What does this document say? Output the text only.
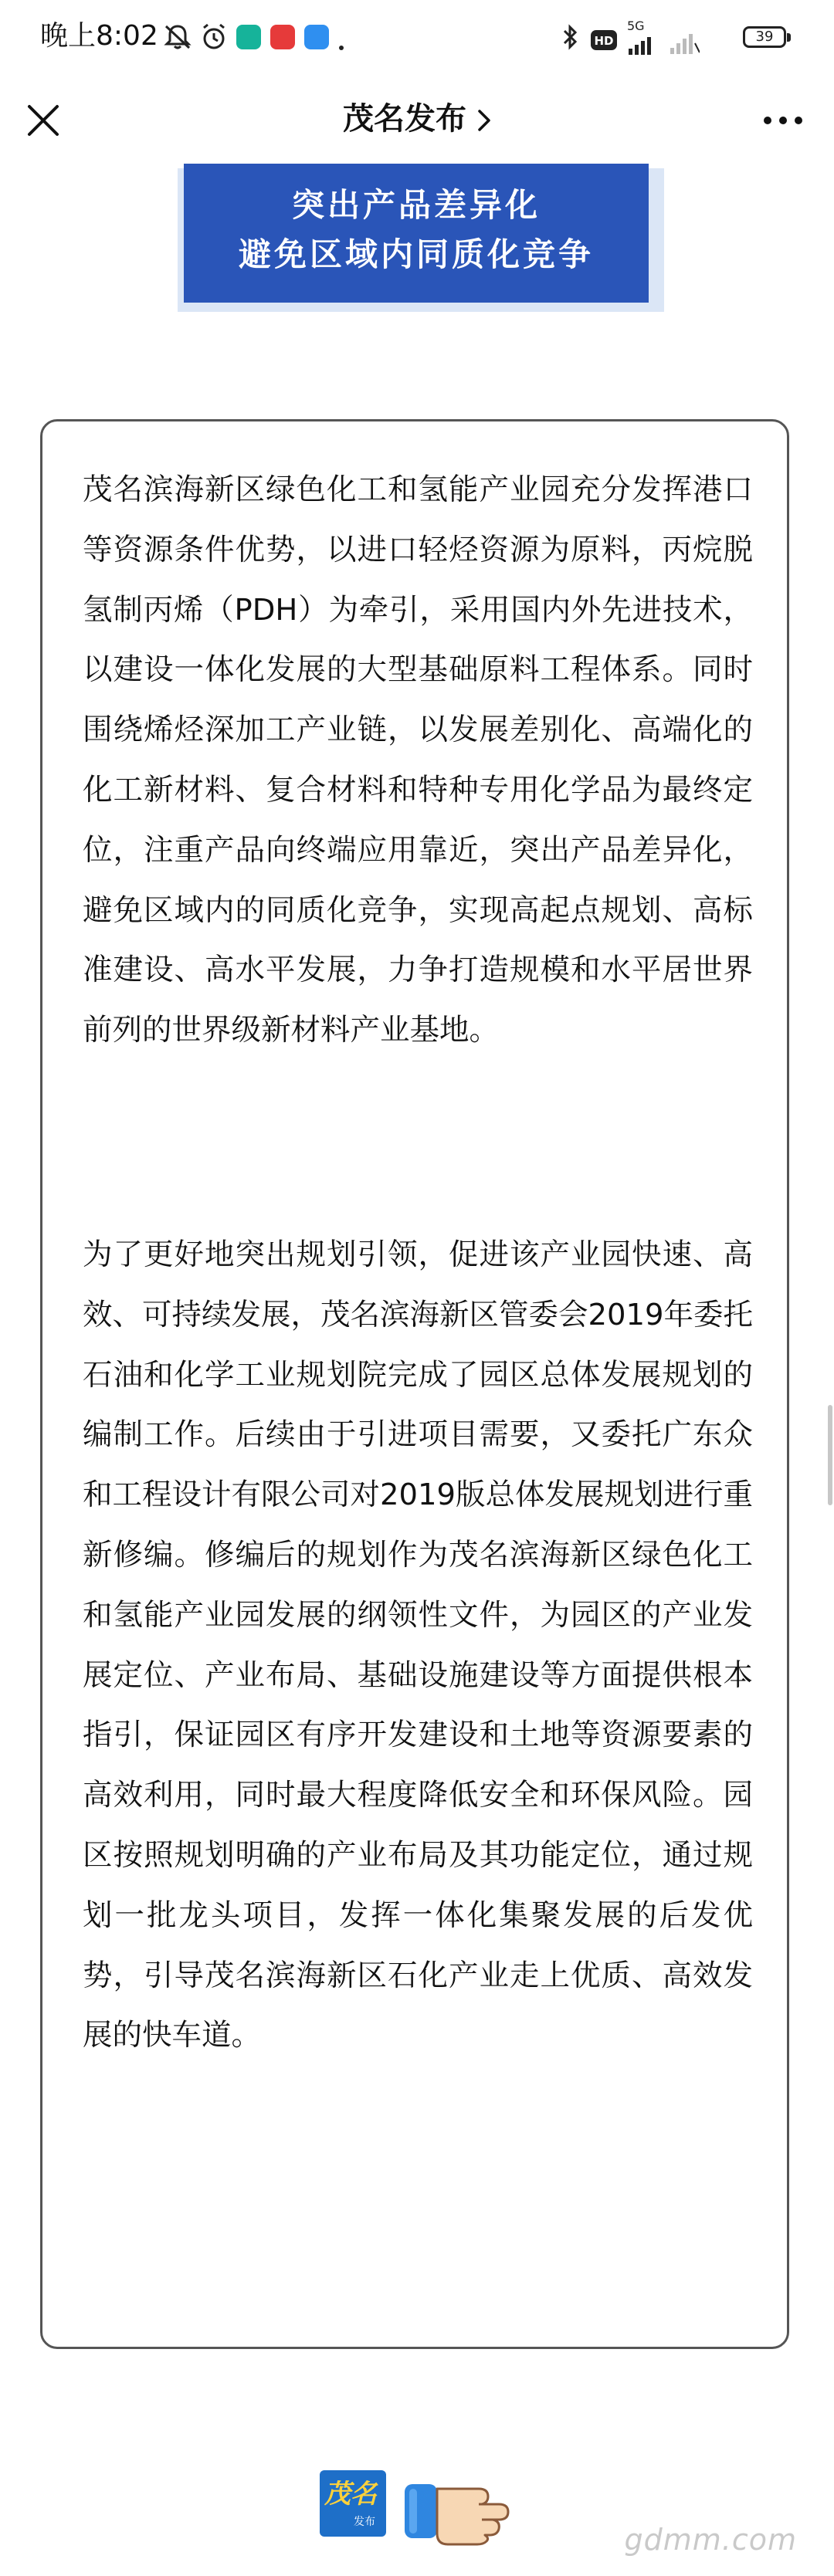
晚上8:02	HD
5G
39
茂名发布
突出产品差异化
避免区域内同质化竞争
茂名滨海新区绿色化工和氢能产业园充分发挥港口等资源条件优势，以进口轻烃资源为原料，丙烷脱氢制丙烯（PDH）为牵引，采用国内外先进技术，以建设一体化发展的大型基础原料工程体系。同时围绕烯烃深加工产业链，以发展差别化、高端化的化工新材料、复合材料和特种专用化学品为最终定位，注重产品向终端应用靠近，突出产品差异化，避免区域内的同质化竞争，实现高起点规划、高标准建设、高水平发展，力争打造规模和水平居世界前列的世界级新材料产业基地。
为了更好地突出规划引领，促进该产业园快速、高效、可持续发展，茂名滨海新区管委会2019年委托石油和化学工业规划院完成了园区总体发展规划的编制工作。后续由于引进项目需要，又委托广东众和工程设计有限公司对2019版总体发展规划进行重新修编。修编后的规划作为茂名滨海新区绿色化工和氢能产业园发展的纲领性文件，为园区的产业发展定位、产业布局、基础设施建设等方面提供根本指引，保证园区有序开发建设和土地等资源要素的高效利用，同时最大程度降低安全和环保风险。园区按照规划明确的产业布局及其功能定位，通过规划一批龙头项目，发挥一体化集聚发展的后发优势，引导茂名滨海新区石化产业走上优质、高效发展的快车道。
茂名
发布
gdmm.com
